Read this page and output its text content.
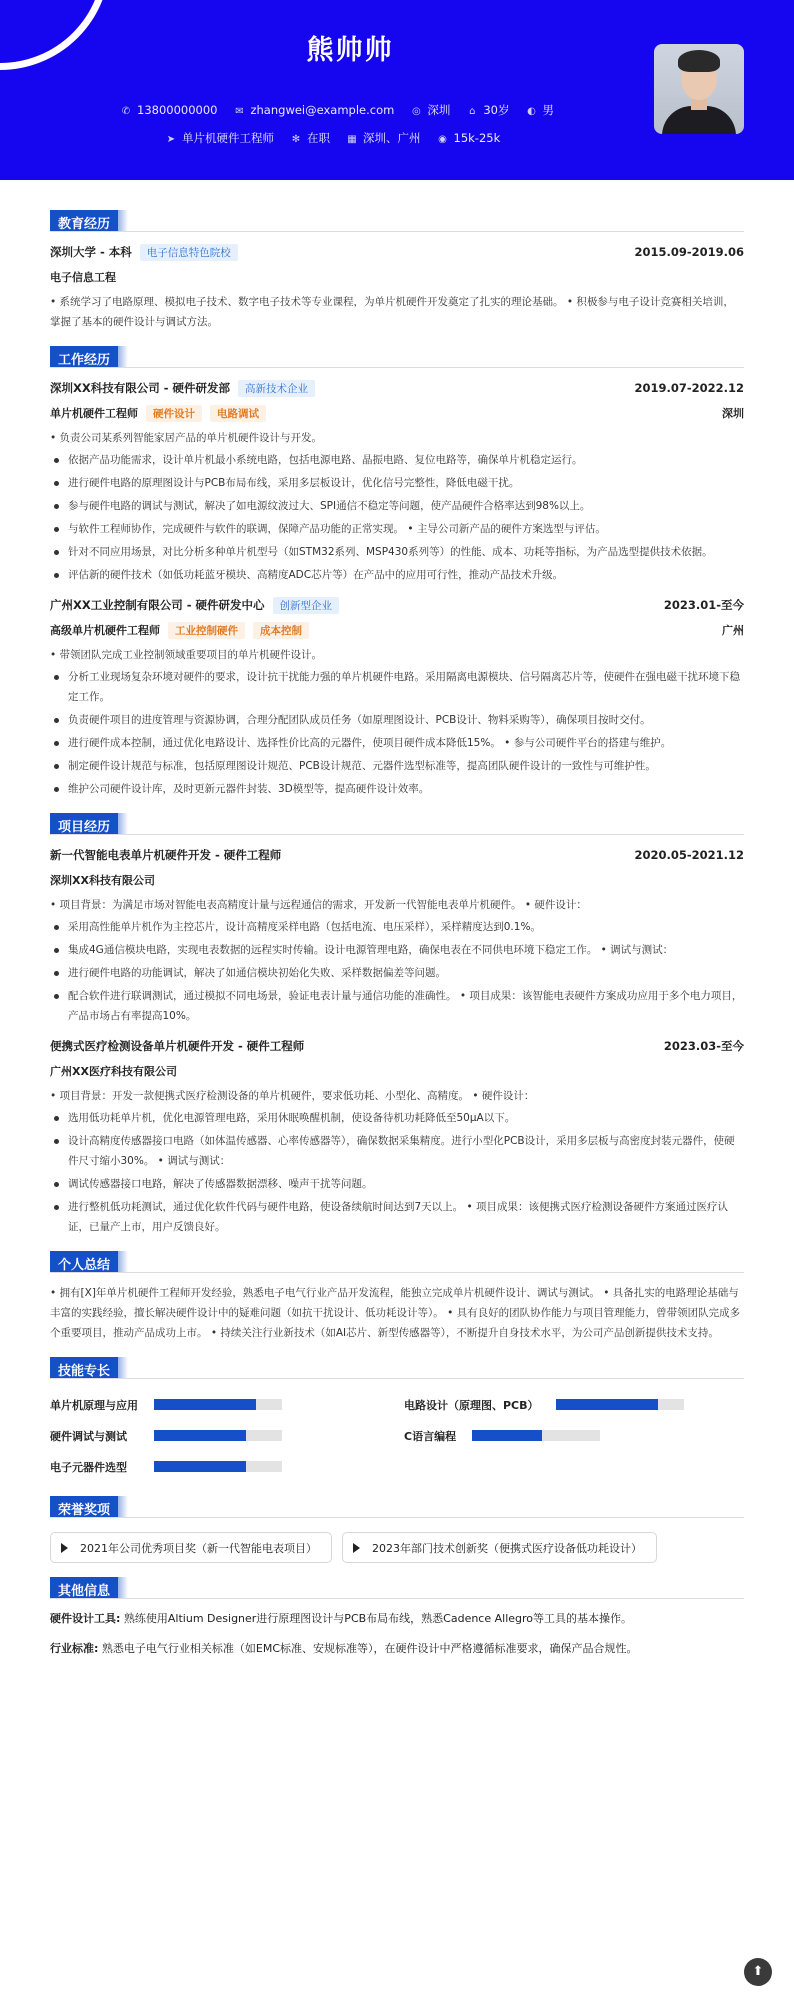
熊帅帅
✆ 13800000000 ✉ zhangwei@example.com ◎ 深圳 ⌂ 30岁 ◐ 男
➤ 单片机硬件工程师 ✻ 在职 ▦ 深圳、广州 ◉ 15k-25k
教育经历
深圳大学 - 本科 电子信息特色院校	2015.09-2019.06
电子信息工程
• 系统学习了电路原理、模拟电子技术、数字电子技术等专业课程，为单片机硬件开发奠定了扎实的理论基础。 • 积极参与电子设计竞赛相关培训，掌握了基本的硬件设计与调试方法。
工作经历
深圳XX科技有限公司 - 硬件研发部 高新技术企业	2019.07-2022.12
单片机硬件工程师 硬件设计 电路调试	深圳
• 负责公司某系列智能家居产品的单片机硬件设计与开发。
依据产品功能需求，设计单片机最小系统电路，包括电源电路、晶振电路、复位电路等，确保单片机稳定运行。
进行硬件电路的原理图设计与PCB布局布线，采用多层板设计，优化信号完整性，降低电磁干扰。
参与硬件电路的调试与测试，解决了如电源纹波过大、SPI通信不稳定等问题，使产品硬件合格率达到98%以上。
与软件工程师协作，完成硬件与软件的联调，保障产品功能的正常实现。 • 主导公司新产品的硬件方案选型与评估。
针对不同应用场景，对比分析多种单片机型号（如STM32系列、MSP430系列等）的性能、成本、功耗等指标，为产品选型提供技术依据。
评估新的硬件技术（如低功耗蓝牙模块、高精度ADC芯片等）在产品中的应用可行性，推动产品技术升级。
广州XX工业控制有限公司 - 硬件研发中心 创新型企业	2023.01-至今
高级单片机硬件工程师 工业控制硬件 成本控制	广州
• 带领团队完成工业控制领域重要项目的单片机硬件设计。
分析工业现场复杂环境对硬件的要求，设计抗干扰能力强的单片机硬件电路。采用隔离电源模块、信号隔离芯片等，使硬件在强电磁干扰环境下稳定工作。
负责硬件项目的进度管理与资源协调，合理分配团队成员任务（如原理图设计、PCB设计、物料采购等），确保项目按时交付。
进行硬件成本控制，通过优化电路设计、选择性价比高的元器件，使项目硬件成本降低15%。 • 参与公司硬件平台的搭建与维护。
制定硬件设计规范与标准，包括原理图设计规范、PCB设计规范、元器件选型标准等，提高团队硬件设计的一致性与可维护性。
维护公司硬件设计库，及时更新元器件封装、3D模型等，提高硬件设计效率。
项目经历
新一代智能电表单片机硬件开发 - 硬件工程师	2020.05-2021.12
深圳XX科技有限公司
• 项目背景：为满足市场对智能电表高精度计量与远程通信的需求，开发新一代智能电表单片机硬件。 • 硬件设计：
采用高性能单片机作为主控芯片，设计高精度采样电路（包括电流、电压采样），采样精度达到0.1%。
集成4G通信模块电路，实现电表数据的远程实时传输。设计电源管理电路，确保电表在不同供电环境下稳定工作。 • 调试与测试：
进行硬件电路的功能调试，解决了如通信模块初始化失败、采样数据偏差等问题。
配合软件进行联调测试，通过模拟不同电场景，验证电表计量与通信功能的准确性。 • 项目成果：该智能电表硬件方案成功应用于多个电力项目，产品市场占有率提高10%。
便携式医疗检测设备单片机硬件开发 - 硬件工程师	2023.03-至今
广州XX医疗科技有限公司
• 项目背景：开发一款便携式医疗检测设备的单片机硬件，要求低功耗、小型化、高精度。 • 硬件设计：
选用低功耗单片机，优化电源管理电路，采用休眠唤醒机制，使设备待机功耗降低至50μA以下。
设计高精度传感器接口电路（如体温传感器、心率传感器等），确保数据采集精度。进行小型化PCB设计，采用多层板与高密度封装元器件，使硬件尺寸缩小30%。 • 调试与测试：
调试传感器接口电路，解决了传感器数据漂移、噪声干扰等问题。
进行整机低功耗测试，通过优化软件代码与硬件电路，使设备续航时间达到7天以上。 • 项目成果：该便携式医疗检测设备硬件方案通过医疗认证，已量产上市，用户反馈良好。
个人总结
• 拥有[X]年单片机硬件工程师开发经验，熟悉电子电气行业产品开发流程，能独立完成单片机硬件设计、调试与测试。 • 具备扎实的电路理论基础与丰富的实践经验，擅长解决硬件设计中的疑难问题（如抗干扰设计、低功耗设计等）。 • 具有良好的团队协作能力与项目管理能力，曾带领团队完成多个重要项目，推动产品成功上市。 • 持续关注行业新技术（如AI芯片、新型传感器等），不断提升自身技术水平，为公司产品创新提供技术支持。
技能专长
单片机原理与应用	电路设计（原理图、PCB）
硬件调试与测试	C语言编程
电子元器件选型
荣誉奖项
2021年公司优秀项目奖（新一代智能电表项目）	2023年部门技术创新奖（便携式医疗设备低功耗设计）
其他信息
硬件设计工具: 熟练使用Altium Designer进行原理图设计与PCB布局布线，熟悉Cadence Allegro等工具的基本操作。
行业标准: 熟悉电子电气行业相关标准（如EMC标准、安规标准等），在硬件设计中严格遵循标准要求，确保产品合规性。
⬆
